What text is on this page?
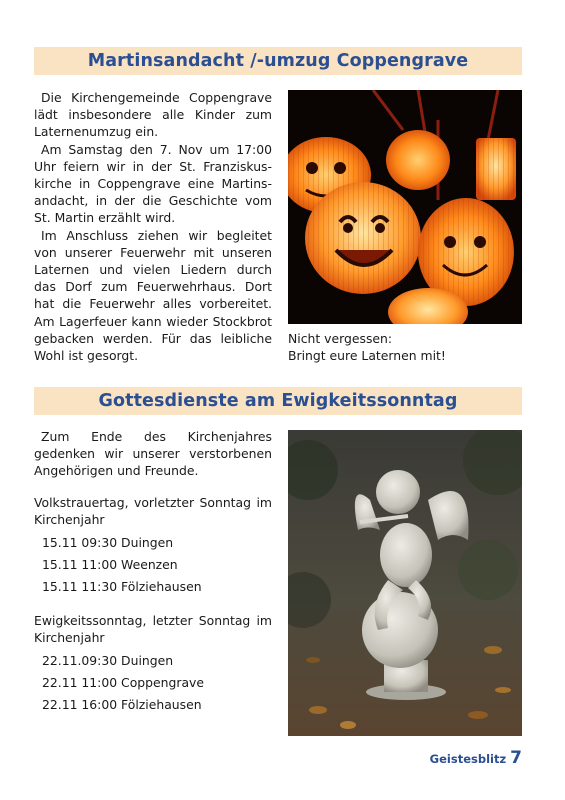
Martinsandacht /-umzug Coppengrave

Die Kirchengemeinde Coppengrave lädt insbesondere alle Kinder zum Laternenumzug ein.

Am Samstag den 7. Nov um 17:00 Uhr feiern wir in der St. Franziskuskirche in Coppengrave eine Martinsandacht, in der die Geschichte vom St. Martin erzählt wird.

Im Anschluss ziehen wir begleitet von unserer Feuerwehr mit unseren Laternen und vielen Liedern durch das Dorf zum Feuerwehrhaus. Dort hat die Feuerwehr alles vorbereitet. Am Lagerfeuer kann wieder Stockbrot gebacken werden. Für das leibliche Wohl ist gesorgt.

Nicht vergessen:
Bringt eure Laternen mit!
Gottesdienste am Ewigkeitssonntag

Zum Ende des Kirchenjahres gedenken wir unserer verstorbenen Angehörigen und Freunde.

Volkstrauertag, vorletzter Sonntag im Kirchenjahr

15.11 09:30 Duingen
15.11 11:00 Weenzen
15.11 11:30 Fölziehausen

Ewigkeitssonntag, letzter Sonntag im Kirchenjahr

22.11.09:30 Duingen
22.11 11:00 Coppengrave
22.11 16:00 Fölziehausen
Geistesblitz 7
